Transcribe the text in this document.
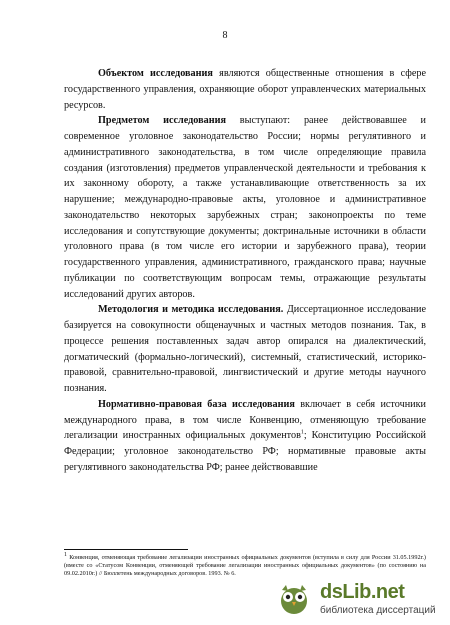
8

Объектом исследования являются общественные отношения в сфере государственного управления, охраняющие оборот управленческих материальных ресурсов.

Предметом исследования выступают: ранее действовавшее и современное уголовное законодательство России; нормы регулятивного и административного законодательства, в том числе определяющие правила создания (изготовления) предметов управленческой деятельности и требования к их законному обороту, а также устанавливающие ответственность за их нарушение; международно-правовые акты, уголовное и административное законодательство некоторых зарубежных стран; законопроекты по теме исследования и сопутствующие документы; доктринальные источники в области уголовного права (в том числе его истории и зарубежного права), теории государственного управления, административного, гражданского права; научные публикации по соответствующим вопросам темы, отражающие результаты исследований других авторов.

Методология и методика исследования. Диссертационное исследование базируется на совокупности общенаучных и частных методов познания. Так, в процессе решения поставленных задач автор опирался на диалектический, догматический (формально-логический), системный, статистический, историко-правовой, сравнительно-правовой, лингвистический и другие методы научного познания.

Нормативно-правовая база исследования включает в себя источники международного права, в том числе Конвенцию, отменяющую требование легализации иностранных официальных документов$^1$; Конституцию Российской Федерации; уголовное законодательство РФ; нормативные правовые акты регулятивного законодательства РФ; ранее действовавшие

$^1$ Конвенция, отменяющая требование легализации иностранных официальных документов (вступила в силу для России 31.05.1992г.) (вместе со «Статусом Конвенции, отменяющей требование легализации иностранных официальных документов» (по состоянию на 09.02.2010г.) // Бюллетень международных договоров. 1993. № 6.
dsLib.net
библиотека диссертаций
